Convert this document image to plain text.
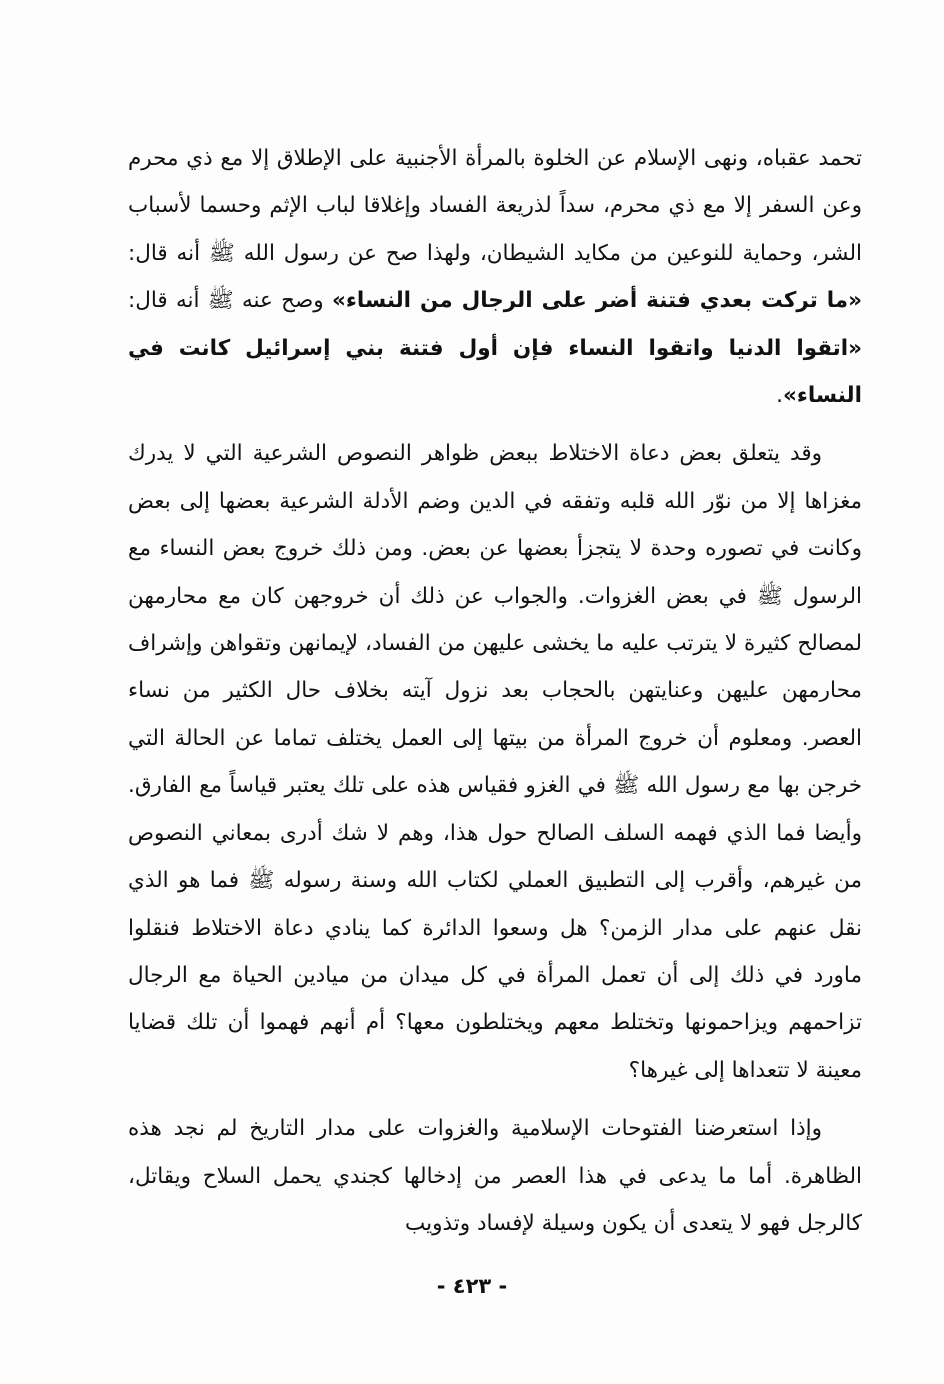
تحمد عقباه، ونهى الإسلام عن الخلوة بالمرأة الأجنبية على الإطلاق إلا مع ذي محرم وعن السفر إلا مع ذي محرم، سداً لذريعة الفساد وإغلاقا لباب الإثم وحسما لأسباب الشر، وحماية للنوعين من مكايد الشيطان، ولهذا صح عن رسول الله ﷺ أنه قال: «ما تركت بعدي فتنة أضر على الرجال من النساء» وصح عنه ﷺ أنه قال: «اتقوا الدنيا واتقوا النساء فإن أول فتنة بني إسرائيل كانت في النساء».

وقد يتعلق بعض دعاة الاختلاط ببعض ظواهر النصوص الشرعية التي لا يدرك مغزاها إلا من نوّر الله قلبه وتفقه في الدين وضم الأدلة الشرعية بعضها إلى بعض وكانت في تصوره وحدة لا يتجزأ بعضها عن بعض. ومن ذلك خروج بعض النساء مع الرسول ﷺ في بعض الغزوات. والجواب عن ذلك أن خروجهن كان مع محارمهن لمصالح كثيرة لا يترتب عليه ما يخشى عليهن من الفساد، لإيمانهن وتقواهن وإشراف محارمهن عليهن وعنايتهن بالحجاب بعد نزول آيته بخلاف حال الكثير من نساء العصر. ومعلوم أن خروج المرأة من بيتها إلى العمل يختلف تماما عن الحالة التي خرجن بها مع رسول الله ﷺ في الغزو فقياس هذه على تلك يعتبر قياساً مع الفارق. وأيضا فما الذي فهمه السلف الصالح حول هذا، وهم لا شك أدرى بمعاني النصوص من غيرهم، وأقرب إلى التطبيق العملي لكتاب الله وسنة رسوله ﷺ فما هو الذي نقل عنهم على مدار الزمن؟ هل وسعوا الدائرة كما ينادي دعاة الاختلاط فنقلوا ماورد في ذلك إلى أن تعمل المرأة في كل ميدان من ميادين الحياة مع الرجال تزاحمهم ويزاحمونها وتختلط معهم ويختلطون معها؟ أم أنهم فهموا أن تلك قضايا معينة لا تتعداها إلى غيرها؟

وإذا استعرضنا الفتوحات الإسلامية والغزوات على مدار التاريخ لم نجد هذه الظاهرة. أما ما يدعى في هذا العصر من إدخالها كجندي يحمل السلاح ويقاتل، كالرجل فهو لا يتعدى أن يكون وسيلة لإفساد وتذويب

- ٤٢٣ -
